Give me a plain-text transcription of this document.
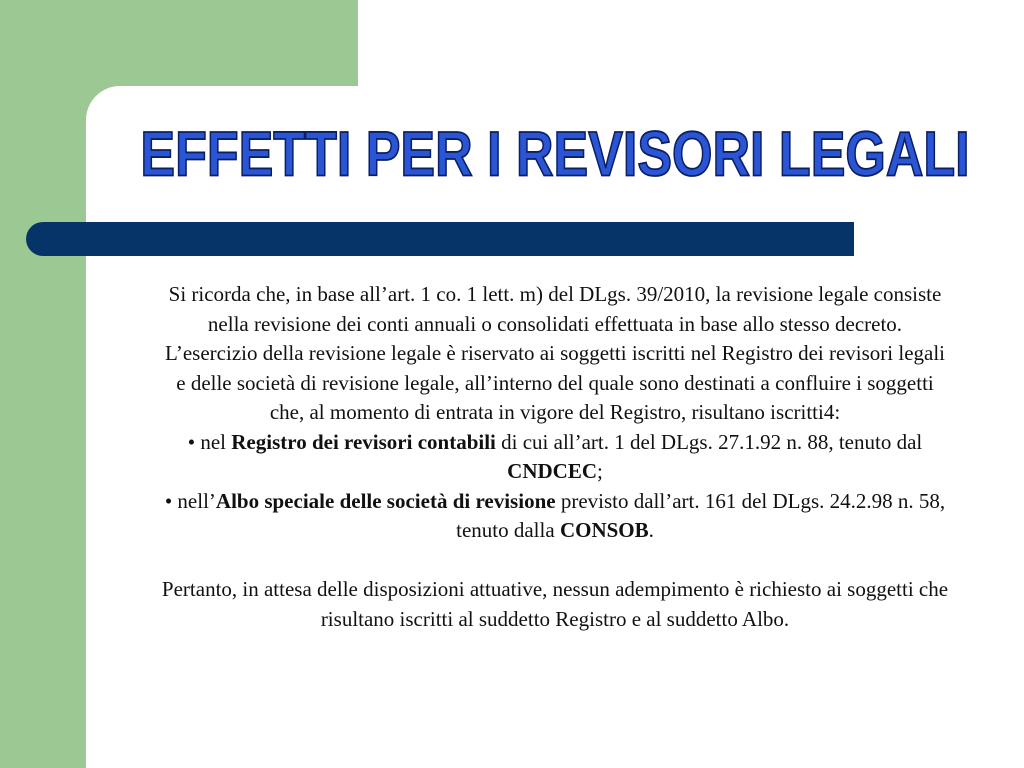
EFFETTI PER I REVISORI LEGALI

Si ricorda che, in base all’art. 1 co. 1 lett. m) del DLgs. 39/2010, la revisione legale consiste nella revisione dei conti annuali o consolidati effettuata in base allo stesso decreto.

L’esercizio della revisione legale è riservato ai soggetti iscritti nel Registro dei revisori legali e delle società di revisione legale, all’interno del quale sono destinati a confluire i soggetti che, al momento di entrata in vigore del Registro, risultano iscritti4:

• nel Registro dei revisori contabili di cui all’art. 1 del DLgs. 27.1.92 n. 88, tenuto dal CNDCEC;

• nell’Albo speciale delle società di revisione previsto dall’art. 161 del DLgs. 24.2.98 n. 58, tenuto dalla CONSOB.

Pertanto, in attesa delle disposizioni attuative, nessun adempimento è richiesto ai soggetti che risultano iscritti al suddetto Registro e al suddetto Albo.
